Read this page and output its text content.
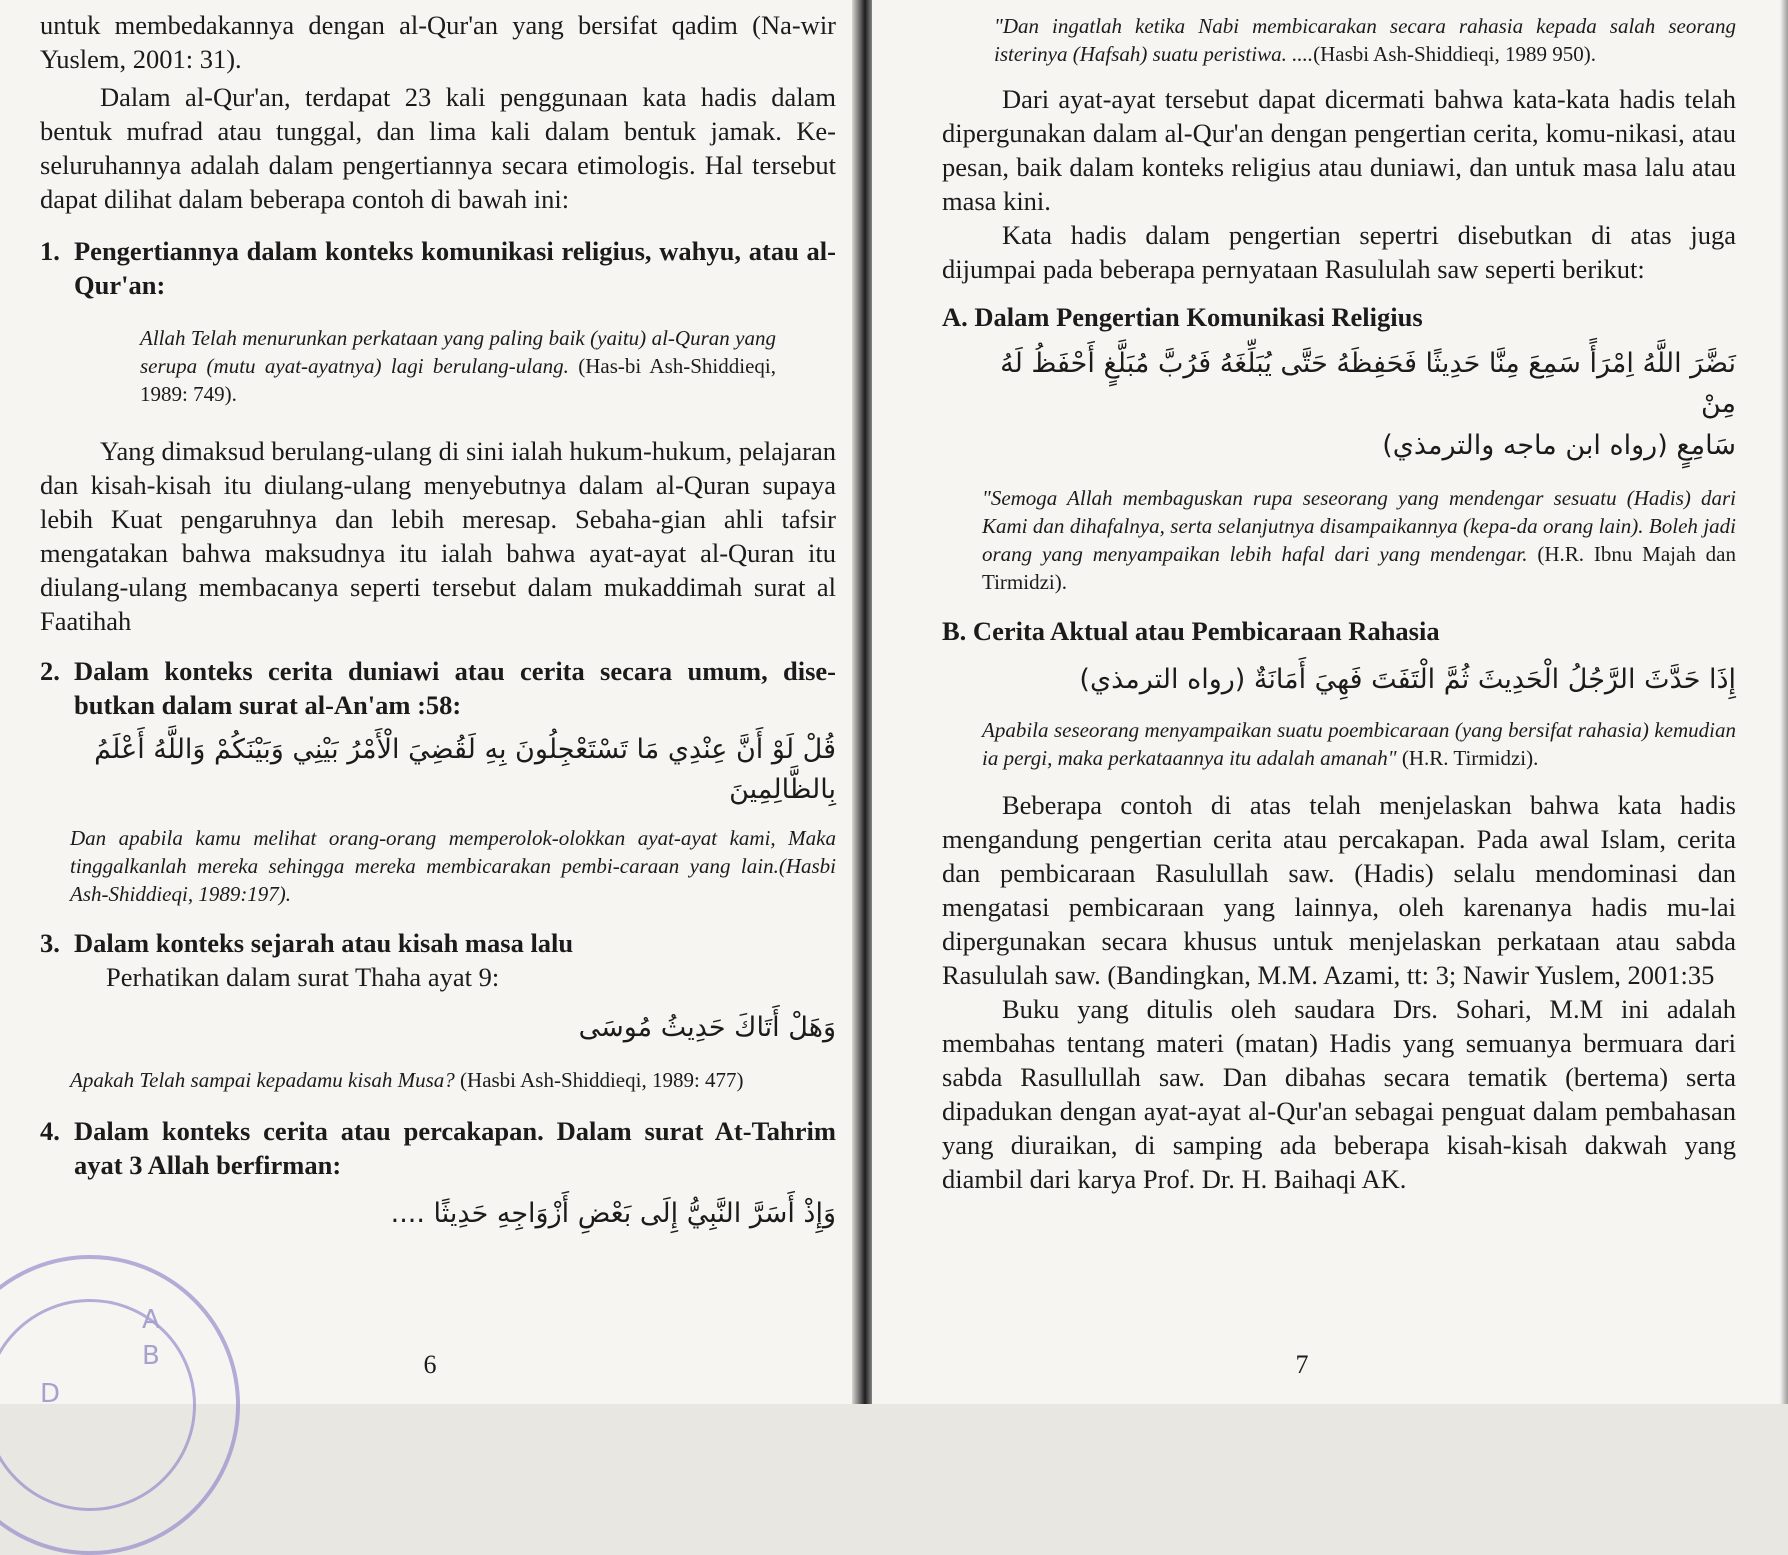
untuk membedakannya dengan al-Qur'an yang bersifat qadim (Na-wir Yuslem, 2001: 31).

Dalam al-Qur'an, terdapat 23 kali penggunaan kata hadis dalam bentuk mufrad atau tunggal, dan lima kali dalam bentuk jamak. Ke-seluruhannya adalah dalam pengertiannya secara etimologis. Hal tersebut dapat dilihat dalam beberapa contoh di bawah ini:

1. Pengertiannya dalam konteks komunikasi religius, wahyu, atau al-Qur'an:

Allah Telah menurunkan perkataan yang paling baik (yaitu) al-Quran yang serupa (mutu ayat-ayatnya) lagi berulang-ulang. (Has-bi Ash-Shiddieqi, 1989: 749).

Yang dimaksud berulang-ulang di sini ialah hukum-hukum, pelajaran dan kisah-kisah itu diulang-ulang menyebutnya dalam al-Quran supaya lebih Kuat pengaruhnya dan lebih meresap. Sebaha-gian ahli tafsir mengatakan bahwa maksudnya itu ialah bahwa ayat-ayat al-Quran itu diulang-ulang membacanya seperti tersebut dalam mukaddimah surat al Faatihah

2. Dalam konteks cerita duniawi atau cerita secara umum, dise-butkan dalam surat al-An'am :58:

قُلْ لَوْ أَنَّ عِنْدِي مَا تَسْتَعْجِلُونَ بِهِ لَقُضِيَ الْأَمْرُ بَيْنِي وَبَيْنَكُمْ وَاللَّهُ أَعْلَمُ

بِالظَّالِمِينَ

Dan apabila kamu melihat orang-orang memperolok-olokkan ayat-ayat kami, Maka tinggalkanlah mereka sehingga mereka membicarakan pembi-caraan yang lain.(Hasbi Ash-Shiddieqi, 1989:197).

3. Dalam konteks sejarah atau kisah masa lalu

Perhatikan dalam surat Thaha ayat 9:

وَهَلْ أَتَاكَ حَدِيثُ مُوسَى

Apakah Telah sampai kepadamu kisah Musa? (Hasbi Ash-Shiddieqi, 1989: 477)

4. Dalam konteks cerita atau percakapan. Dalam surat At-Tahrim ayat 3 Allah berfirman:

وَإِذْ أَسَرَّ النَّبِيُّ إِلَى بَعْضِ أَزْوَاجِهِ حَدِيثًا ....

6

A
B
D

"Dan ingatlah ketika Nabi membicarakan secara rahasia kepada salah seorang isterinya (Hafsah) suatu peristiwa. ....(Hasbi Ash-Shiddieqi, 1989 950).

Dari ayat-ayat tersebut dapat dicermati bahwa kata-kata hadis telah dipergunakan dalam al-Qur'an dengan pengertian cerita, komu-nikasi, atau pesan, baik dalam konteks religius atau duniawi, dan untuk masa lalu atau masa kini.

Kata hadis dalam pengertian sepertri disebutkan di atas juga dijumpai pada beberapa pernyataan Rasululah saw seperti berikut:

A. Dalam Pengertian Komunikasi Religius

نَضَّرَ اللَّهُ اِمْرَأً سَمِعَ مِنَّا حَدِيثًا فَحَفِظَهُ حَتَّى يُبَلِّغَهُ فَرُبَّ مُبَلَّغٍ أَحْفَظُ لَهُ مِنْ

سَامِعٍ (رواه ابن ماجه والترمذي)

"Semoga Allah membaguskan rupa seseorang yang mendengar sesuatu (Hadis) dari Kami dan dihafalnya, serta selanjutnya disampaikannya (kepa-da orang lain). Boleh jadi orang yang menyampaikan lebih hafal dari yang mendengar. (H.R. Ibnu Majah dan Tirmidzi).

B. Cerita Aktual atau Pembicaraan Rahasia

إِذَا حَدَّثَ الرَّجُلُ الْحَدِيثَ ثُمَّ الْتَفَتَ فَهِيَ أَمَانَةٌ (رواه الترمذي)

Apabila seseorang menyampaikan suatu poembicaraan (yang bersifat rahasia) kemudian ia pergi, maka perkataannya itu adalah amanah" (H.R. Tirmidzi).

Beberapa contoh di atas telah menjelaskan bahwa kata hadis mengandung pengertian cerita atau percakapan. Pada awal Islam, cerita dan pembicaraan Rasulullah saw. (Hadis) selalu mendominasi dan mengatasi pembicaraan yang lainnya, oleh karenanya hadis mu-lai dipergunakan secara khusus untuk menjelaskan perkataan atau sabda Rasululah saw. (Bandingkan, M.M. Azami, tt: 3; Nawir Yuslem, 2001:35

Buku yang ditulis oleh saudara Drs. Sohari, M.M ini adalah membahas tentang materi (matan) Hadis yang semuanya bermuara dari sabda Rasullullah saw. Dan dibahas secara tematik (bertema) serta dipadukan dengan ayat-ayat al-Qur'an sebagai penguat dalam pembahasan yang diuraikan, di samping ada beberapa kisah-kisah dakwah yang diambil dari karya Prof. Dr. H. Baihaqi AK.

7
